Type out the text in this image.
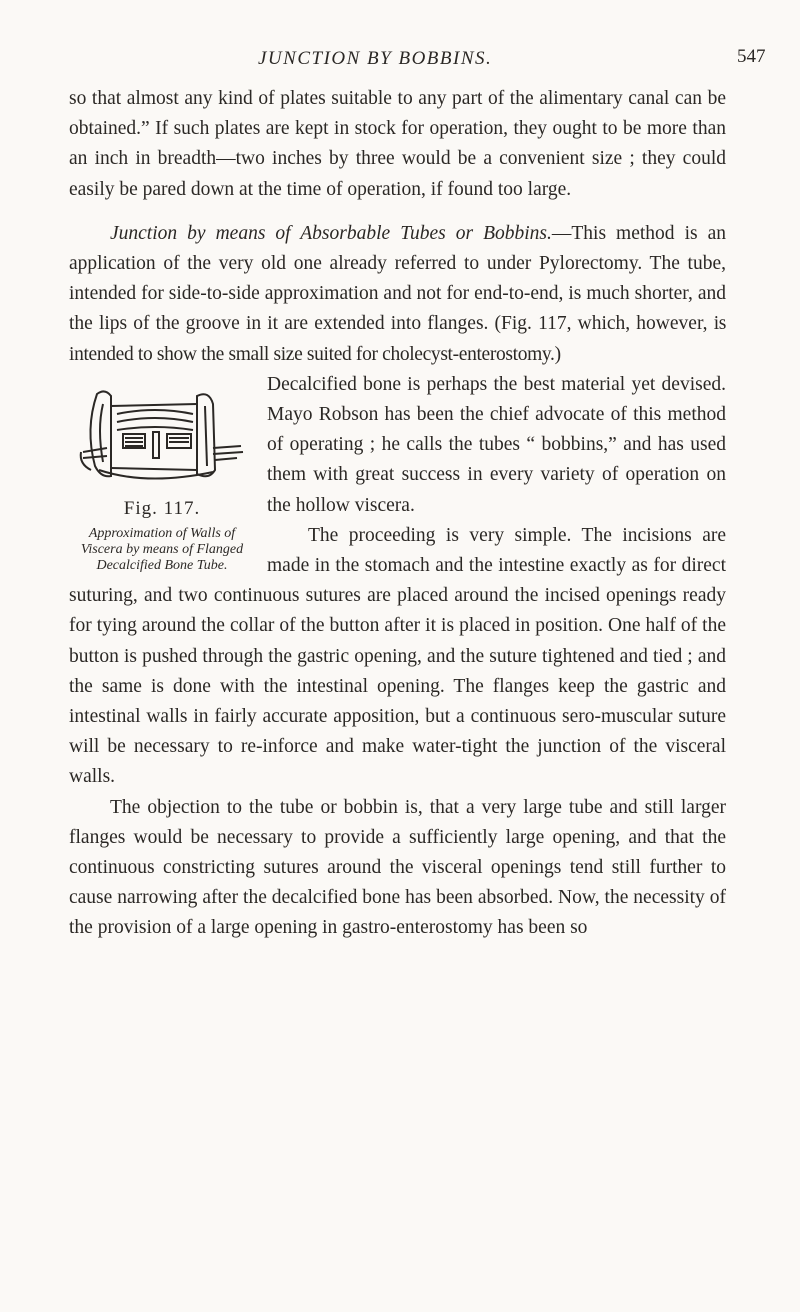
JUNCTION BY BOBBINS.	547

so that almost any kind of plates suitable to any part of the alimentary canal can be obtained.” If such plates are kept in stock for operation, they ought to be more than an inch in breadth—two inches by three would be a convenient size ; they could easily be pared down at the time of operation, if found too large.

Junction by means of Absorbable Tubes or Bobbins.—This method is an application of the very old one already referred to under Pylorectomy. The tube, intended for side-to-side approximation and not for end-to-end, is much shorter, and the lips of the groove in it are extended into flanges. (Fig. 117, which, however, is intended to show the small size suited for cholecyst-enterostomy.)

Fig. 117.
Approximation of Walls of Viscera by means of Flanged Decalcified Bone Tube.

Decalcified bone is perhaps the best material yet devised. Mayo Robson has been the chief advocate of this method of operating ; he calls the tubes “ bobbins,” and has used them with great success in every variety of operation on the hollow viscera.

The proceeding is very simple. The incisions are made in the stomach and the intestine exactly as for direct suturing, and two continuous sutures are placed around the incised openings ready for tying around the collar of the button after it is placed in position. One half of the button is pushed through the gastric opening, and the suture tightened and tied ; and the same is done with the intestinal opening. The flanges keep the gastric and intestinal walls in fairly accurate apposition, but a continuous sero-muscular suture will be necessary to re-inforce and make water-tight the junction of the visceral walls.

The objection to the tube or bobbin is, that a very large tube and still larger flanges would be necessary to provide a sufficiently large opening, and that the continuous constricting sutures around the visceral openings tend still further to cause narrowing after the decalcified bone has been absorbed. Now, the necessity of the provision of a large opening in gastro-enterostomy has been so
